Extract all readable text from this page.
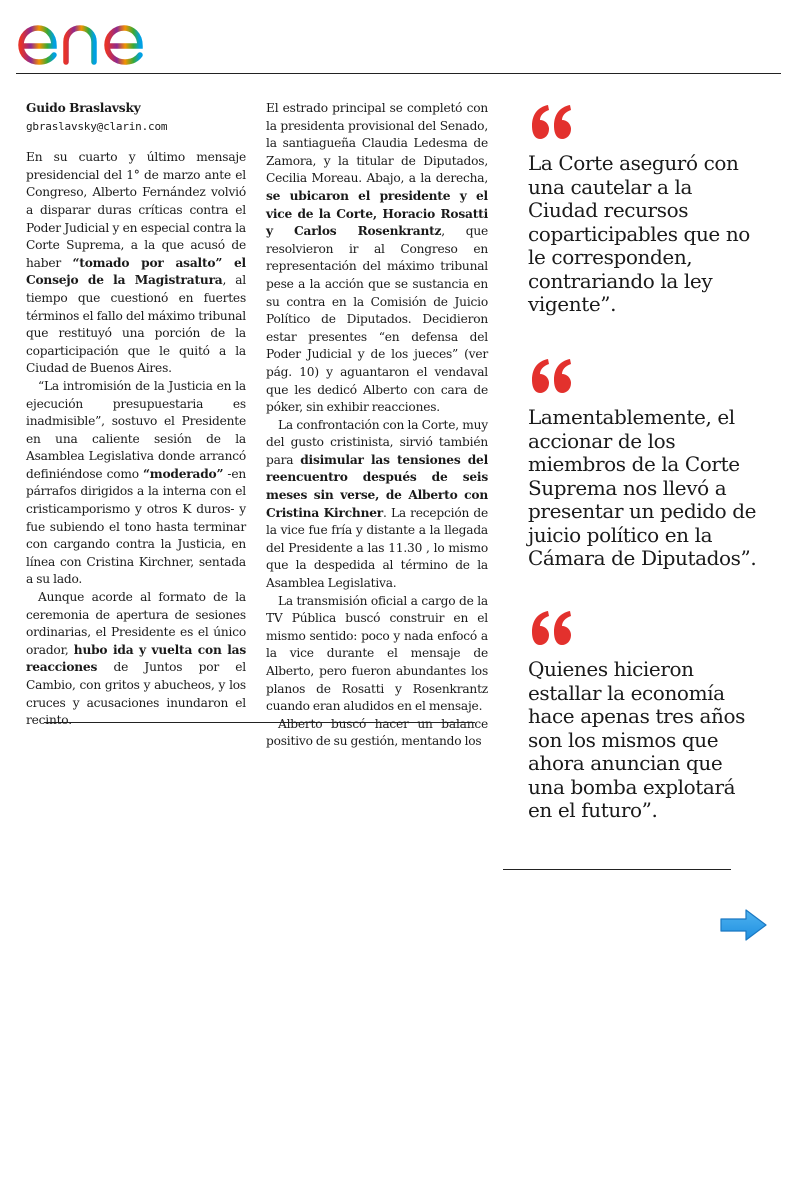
Guido Braslavsky

gbraslavsky@clarin.com

En su cuarto y último mensaje presidencial del 1° de marzo ante el Congreso, Alberto Fernández volvió a disparar duras críticas contra el Poder Judicial y en especial contra la Corte Suprema, a la que acusó de haber “tomado por asalto” el Consejo de la Magistratura, al tiempo que cuestionó en fuertes términos el fallo del máximo tribunal que restituyó una porción de la coparticipación que le quitó a la Ciudad de Buenos Aires.

“La intromisión de la Justicia en la ejecución presupuestaria es inadmisible”, sostuvo el Presidente en una caliente sesión de la Asamblea Legislativa donde arrancó definiéndose como “moderado” -en párrafos dirigidos a la interna con el cristicamporismo y otros K duros- y fue subiendo el tono hasta terminar con cargando contra la Justicia, en línea con Cristina Kirchner, sentada a su lado.

Aunque acorde al formato de la ceremonia de apertura de sesiones ordinarias, el Presidente es el único orador, hubo ida y vuelta con las reacciones de Juntos por el Cambio, con gritos y abucheos, y los cruces y acusaciones inundaron el recinto.

El estrado principal se completó con la presidenta provisional del Senado, la santiagueña Claudia Ledesma de Zamora, y la titular de Diputados, Cecilia Moreau. Abajo, a la derecha, se ubicaron el presidente y el vice de la Corte, Horacio Rosatti y Carlos Rosenkrantz, que resolvieron ir al Congreso en representación del máximo tribunal pese a la acción que se sustancia en su contra en la Comisión de Juicio Político de Diputados. Decidieron estar presentes “en defensa del Poder Judicial y de los jueces” (ver pág. 10) y aguantaron el vendaval que les dedicó Alberto con cara de póker, sin exhibir reacciones.

La confrontación con la Corte, muy del gusto cristinista, sirvió también para disimular las tensiones del reencuentro después de seis meses sin verse, de Alberto con Cristina Kirchner. La recepción de la vice fue fría y distante a la llegada del Presidente a las 11.30 , lo mismo que la despedida al término de la Asamblea Legislativa.

La transmisión oficial a cargo de la TV Pública buscó construir en el mismo sentido: poco y nada enfocó a la vice durante el mensaje de Alberto, pero fueron abundantes los planos de Rosatti y Rosenkrantz cuando eran aludidos en el mensaje.

Alberto buscó hacer un balance positivo de su gestión, mentando los

La Corte aseguró con una cautelar a la Ciudad recursos coparticipables que no le corresponden, contrariando la ley vigente”.

Lamentablemente, el accionar de los miembros de la Corte Suprema nos llevó a presentar un pedido de juicio político en la Cámara de Diputados”.

Quienes hicieron estallar la economía hace apenas tres años son los mismos que ahora anuncian que una bomba explotará en el futuro”.
